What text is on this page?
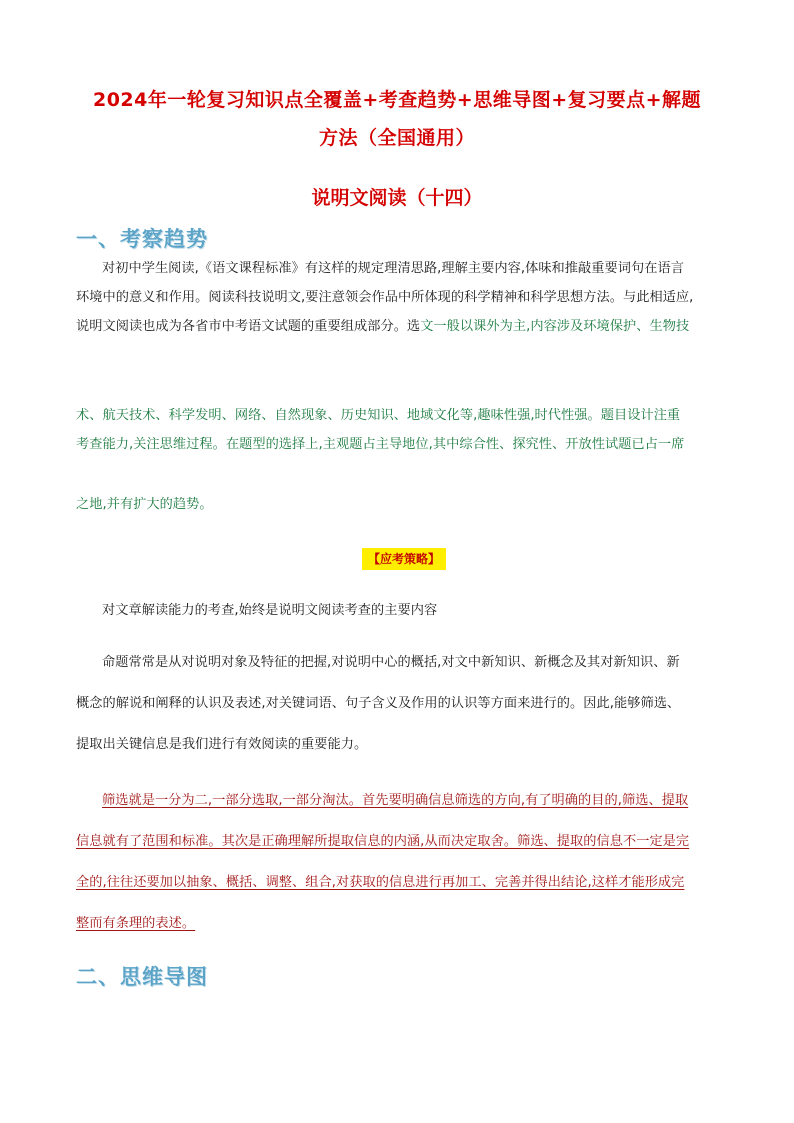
2024年一轮复习知识点全覆盖+考查趋势+思维导图+复习要点+解题
方法（全国通用）
说明文阅读（十四）
一、考察趋势
对初中学生阅读,《语文课程标准》有这样的规定理清思路,理解主要内容,体味和推敲重要词句在语言
环境中的意义和作用。阅读科技说明文,要注意领会作品中所体现的科学精神和科学思想方法。与此相适应,
说明文阅读也成为各省市中考语文试题的重要组成部分。选文一般以课外为主,内容涉及环境保护、生物技
术、航天技术、科学发明、网络、自然现象、历史知识、地域文化等,趣味性强,时代性强。题目设计注重
考查能力,关注思维过程。在题型的选择上,主观题占主导地位,其中综合性、探究性、开放性试题已占一席
之地,并有扩大的趋势。
【应考策略】
对文章解读能力的考查,始终是说明文阅读考查的主要内容
命题常常是从对说明对象及特征的把握,对说明中心的概括,对文中新知识、新概念及其对新知识、新
概念的解说和阐释的认识及表述,对关键词语、句子含义及作用的认识等方面来进行的。因此,能够筛选、
提取出关键信息是我们进行有效阅读的重要能力。
筛选就是一分为二,一部分选取,一部分淘汰。首先要明确信息筛选的方向,有了明确的目的,筛选、提取
信息就有了范围和标准。其次是正确理解所提取信息的内涵,从而决定取舍。筛选、提取的信息不一定是完
全的,往往还要加以抽象、概括、调整、组合,对获取的信息进行再加工、完善并得出结论,这样才能形成完
整而有条理的表述。
二、思维导图
